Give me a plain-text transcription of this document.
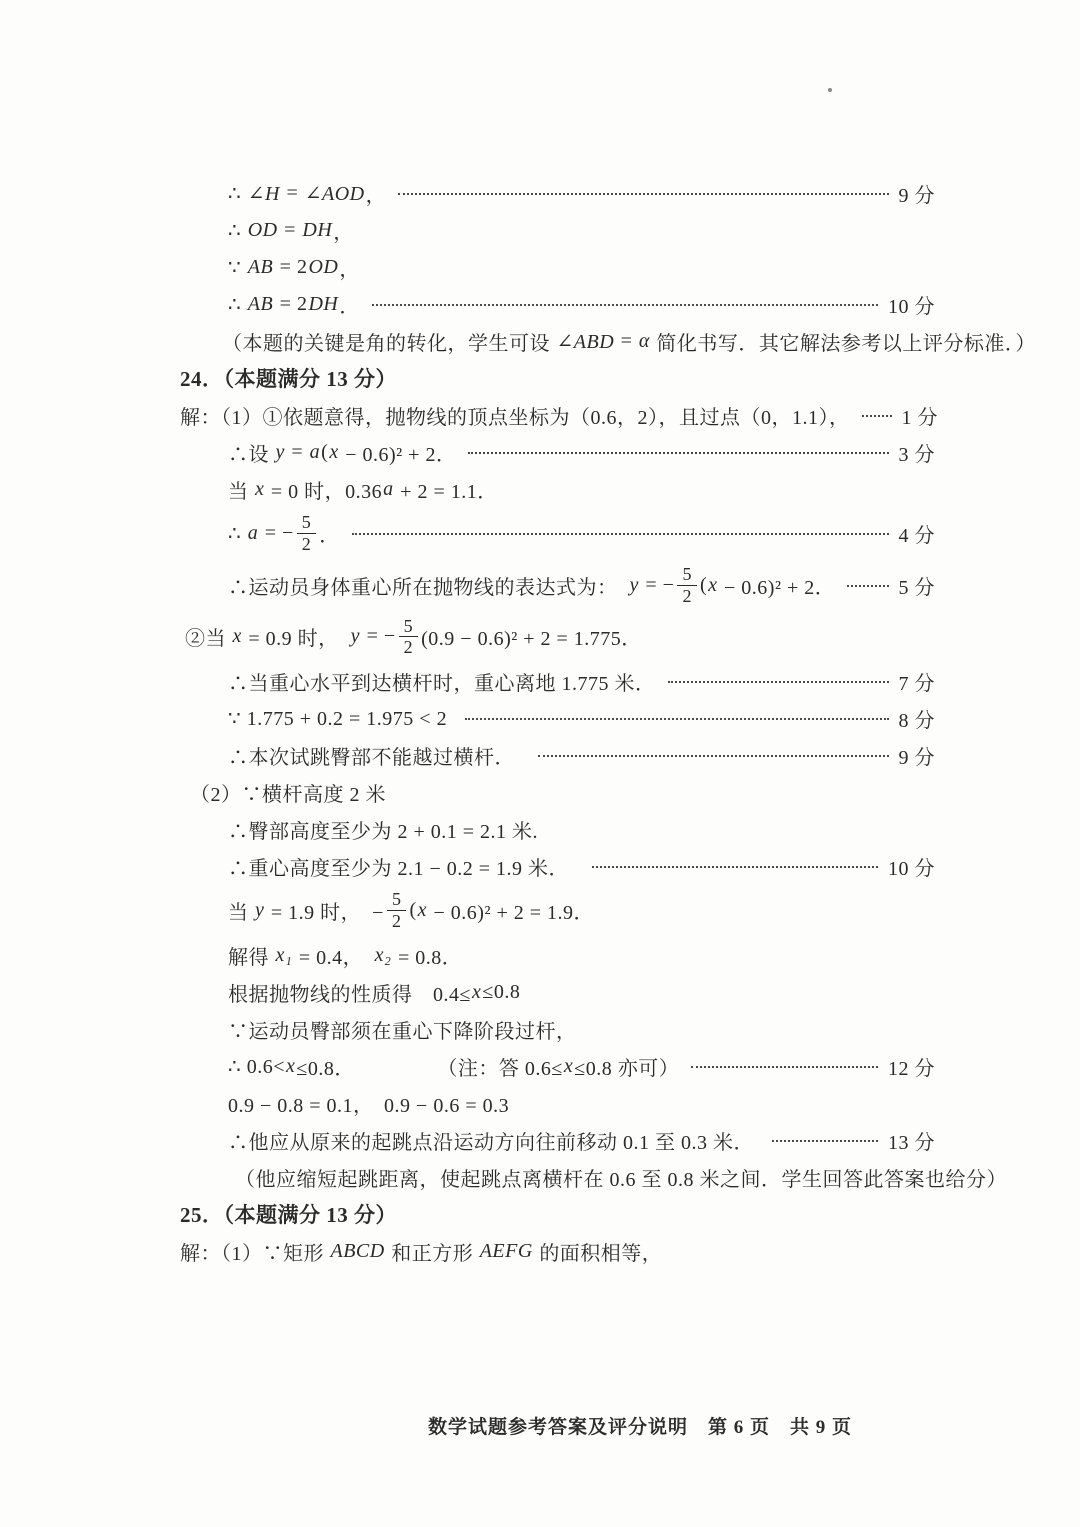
∴ ∠H = ∠AOD ，	9 分
∴ OD = DH ，
∵ AB = 2 OD ，
∴ AB = 2 DH ．	10 分
（本题的关键是角的转化，学生可设 ∠ABD = α 简化书写．其它解法参考以上评分标准．）
24．（本题满分 13 分）
解：（1）①依题意得，抛物线的顶点坐标为（0.6，2），且过点（0，1.1），	1 分
∴设 y = a ( x − 0.6)² + 2．	3 分
当 x = 0 时，0.36 a + 2 = 1.1．
∴ a = − $\frac{5}{2}$ ．	4 分
∴运动员身体重心所在抛物线的表达式为： y = − $\frac{5}{2}$ ( x − 0.6)² + 2．	5 分
②当 x = 0.9 时， y = − $\frac{5}{2} (0.9 - 0.6)^2 + 2 = 1.775$．
∴当重心水平到达横杆时，重心离地 1.775 米．	7 分
∵ 1.775 + 0.2 = 1.975 < 2	8 分
∴本次试跳臀部不能越过横杆．	9 分
（2）∵横杆高度 2 米
∴臀部高度至少为 2 + 0.1 = 2.1 米.
∴重心高度至少为 2.1 − 0.2 = 1.9 米．	10 分
当 y = 1.9 时，  − $\frac{5}{2}$ ( x − 0.6)² + 2 = 1.9．
解得 x₁ = 0.4，　 x₂ = 0.8．
根据抛物线的性质得　0.4≤ x ≤0.8
∵运动员臀部须在重心下降阶段过杆，
∴ 0.6< x ≤0.8．　　　　　（注：答 0.6≤ x ≤0.8 亦可）	12 分
0.9 − 0.8 = 0.1，　0.9 − 0.6 = 0.3
∴他应从原来的起跳点沿运动方向往前移动 0.1 至 0.3 米．	13 分
（他应缩短起跳距离，使起跳点离横杆在 0.6 至 0.8 米之间．学生回答此答案也给分）
25．（本题满分 13 分）
解：（1）∵矩形 ABCD 和正方形 AEFG 的面积相等，
数学试题参考答案及评分说明　第 6 页　共 9 页
